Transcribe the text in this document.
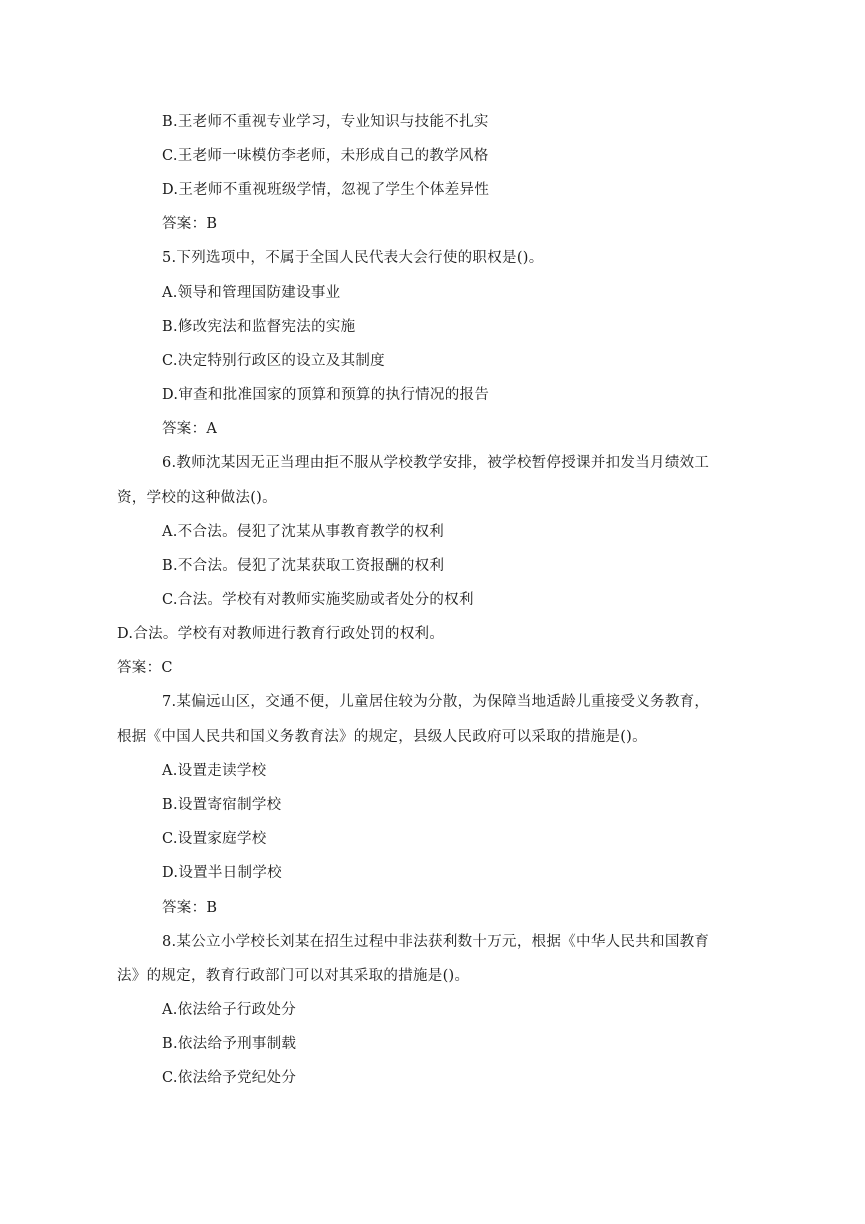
B.王老师不重视专业学习，专业知识与技能不扎实
C.王老师一味模仿李老师，未形成自己的教学风格
D.王老师不重视班级学情，忽视了学生个体差异性
答案：B
5.下列选项中，不属于全国人民代表大会行使的职权是()。
A.领导和管理国防建设事业
B.修改宪法和监督宪法的实施
C.决定特别行政区的设立及其制度
D.审查和批准国家的顶算和预算的执行情况的报告
答案：A
6.教师沈某因无正当理由拒不服从学校教学安排，被学校暂停授课并扣发当月绩效工
资，学校的这种做法()。
A.不合法。侵犯了沈某从事教育教学的权利
B.不合法。侵犯了沈某获取工资报酬的权利
C.合法。学校有对教师实施奖励或者处分的权利
D.合法。学校有对教师进行教育行政处罚的权利。
答案：C
7.某偏远山区，交通不便，儿童居住较为分散，为保障当地适龄儿重接受义务教育，
根据《中国人民共和国义务教育法》的规定，县级人民政府可以采取的措施是()。
A.设置走读学校
B.设置寄宿制学校
C.设置家庭学校
D.设置半日制学校
答案：B
8.某公立小学校长刘某在招生过程中非法获利数十万元，根据《中华人民共和国教育
法》的规定，教育行政部门可以对其采取的措施是()。
A.依法给子行政处分
B.依法给予刑事制载
C.依法给予党纪处分
